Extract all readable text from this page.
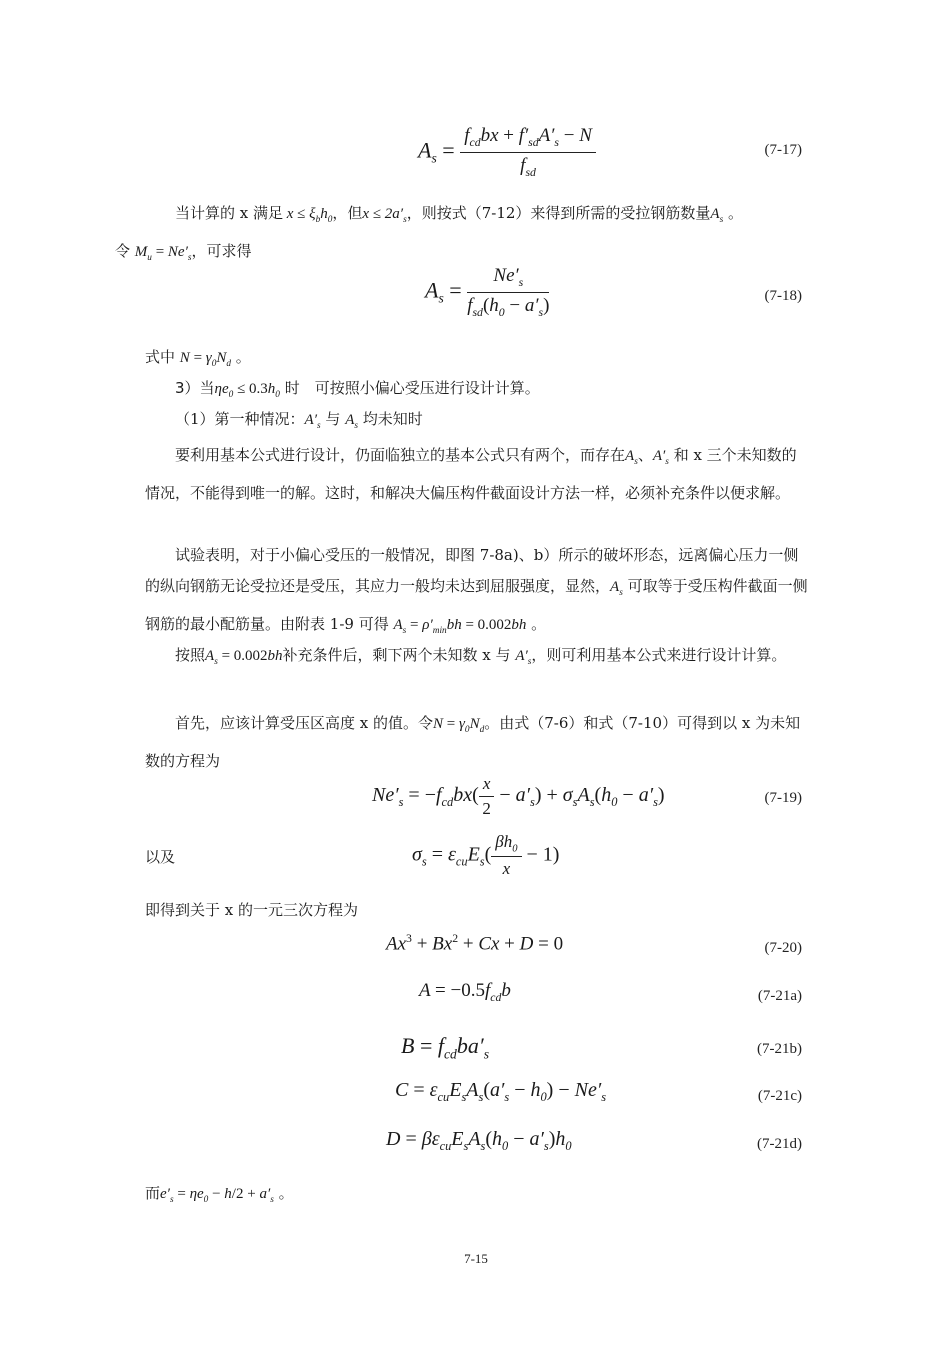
$A_s = \frac{f_{cd}bx + f'_{sd}A'_s - N}{f_{sd}}$	(7-17)
当计算的 x 满足 $x \le \xi_bh_0$，但$x \le 2a'_s$，则按式（7-12）来得到所需的受拉钢筋数量$A_s$ 。
令 $M_u = Ne'_s$，可求得
$A_s = \frac{Ne'_s}{f_{sd}(h_0 - a'_s)}$	(7-18)
式中 $N = \gamma_0N_d$ 。
3）当$\eta e_0 \le 0.3h_0$ 时　 可按照小偏心受压进行设计计算。
（1）第一种情况：$A'_s$ 与 $A_s$ 均未知时
要利用基本公式进行设计，仍面临独立的基本公式只有两个，而存在$A_s$、$A'_s$ 和 x 三个未知数的情况，不能得到唯一的解。这时，和解决大偏压构件截面设计方法一样，必须补充条件以便求解。
试验表明，对于小偏心受压的一般情况，即图 7-8a)、b）所示的破坏形态，远离偏心压力一侧的纵向钢筋无论受拉还是受压，其应力一般均未达到屈服强度，显然，$A_s$ 可取等于受压构件截面一侧钢筋的最小配筋量。由附表 1-9 可得 $A_s = \rho'_{min}bh = 0.002bh$ 。
按照$A_s = 0.002bh$补充条件后，剩下两个未知数 x 与 $A'_s$，则可利用基本公式来进行设计计算。
首先，应该计算受压区高度 x 的值。令$N = \gamma_0N_d$。由式（7-6）和式（7-10）可得到以 x 为未知数的方程为
$Ne'_s = -f_{cd}bx( \frac{x}{2} - a'_s) + \sigma_sA_s(h_0 - a'_s)$	(7-19)
以及	$\sigma_s = \varepsilon_{cu}E_s( \frac{\beta h_0}{x} - 1)$
即得到关于 x 的一元三次方程为
$Ax^3 + Bx^2 + Cx + D = 0$	(7-20)
$A = -0.5f_{cd}b$	(7-21a)
$B = f_{cd}ba'_s$	(7-21b)
$C = \varepsilon_{cu}E_sA_s(a'_s - h_0) - Ne'_s$	(7-21c)
$D = \beta\varepsilon_{cu}E_sA_s(h_0 - a'_s)h_0$	(7-21d)
而$e'_s = \eta e_0 - h/2 + a'_s$ 。
7-15
